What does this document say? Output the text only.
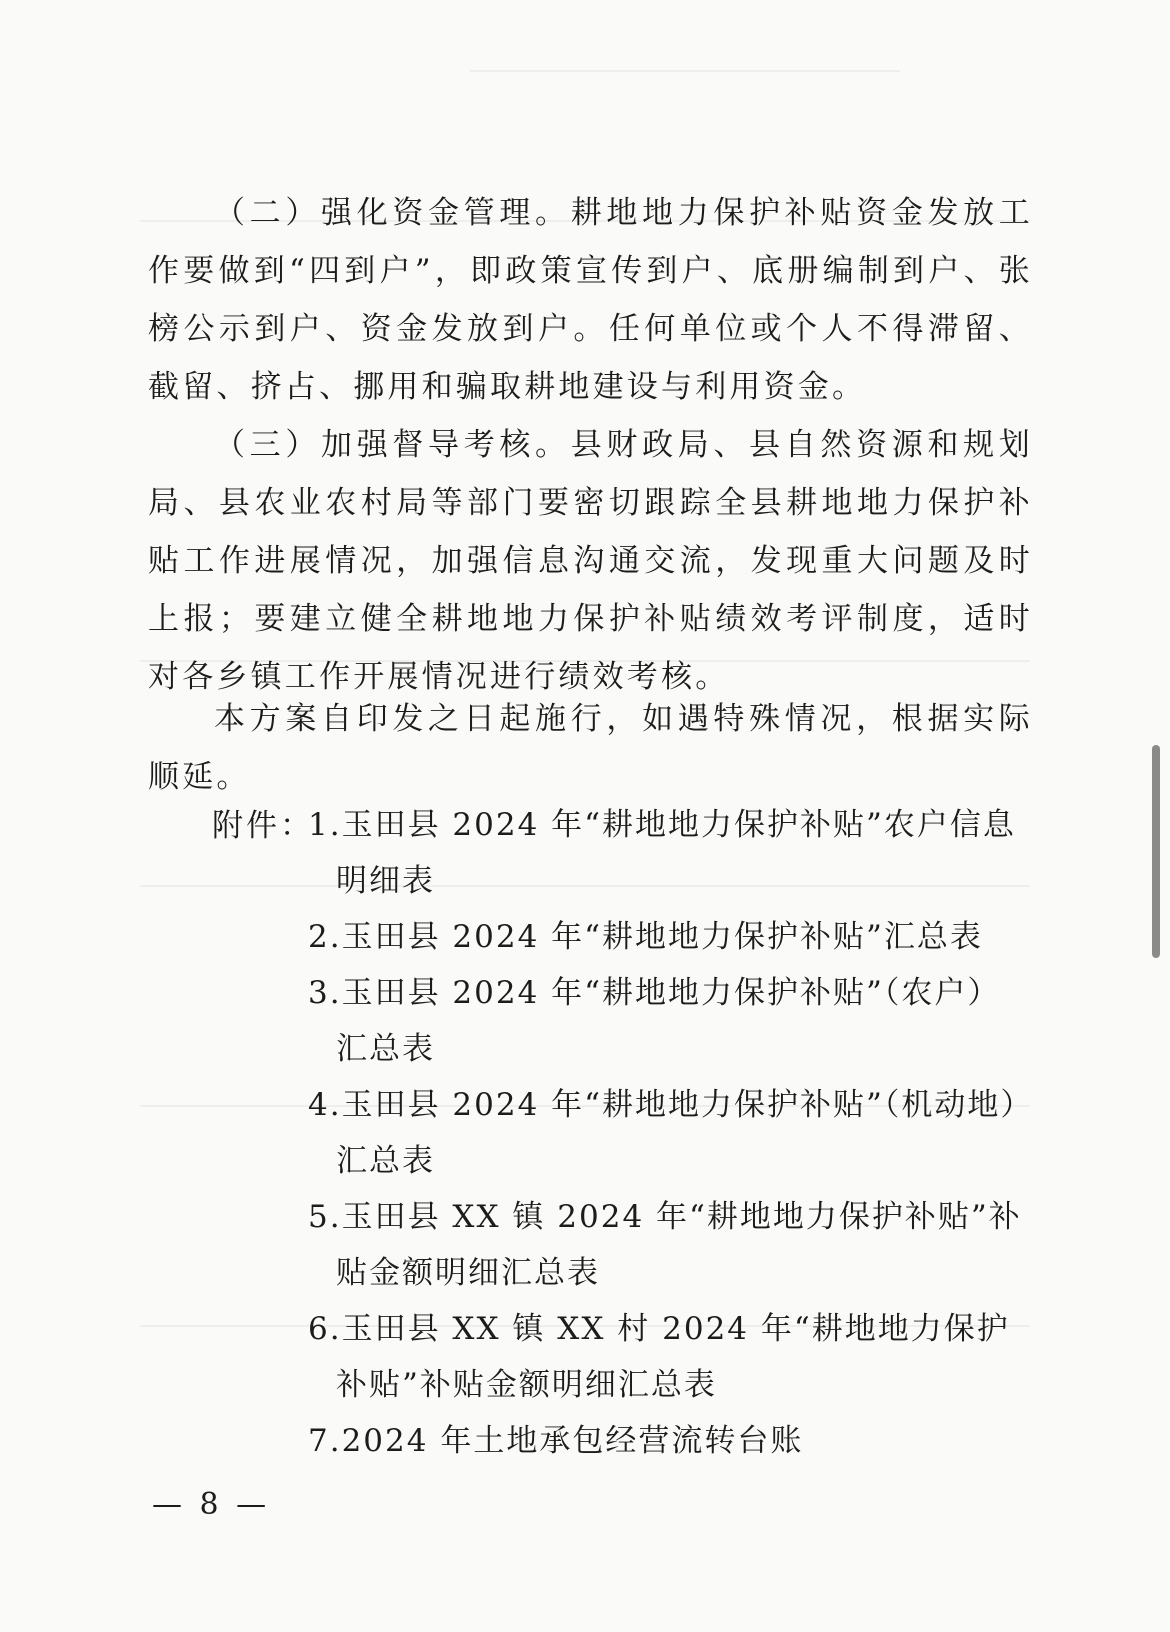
（二）强化资金管理。耕地地力保护补贴资金发放工作要做到“四到户”，即政策宣传到户、底册编制到户、张榜公示到户、资金发放到户。任何单位或个人不得滞留、截留、挤占、挪用和骗取耕地建设与利用资金。

（三）加强督导考核。县财政局、县自然资源和规划局、县农业农村局等部门要密切跟踪全县耕地地力保护补贴工作进展情况，加强信息沟通交流，发现重大问题及时上报；要建立健全耕地地力保护补贴绩效考评制度，适时对各乡镇工作开展情况进行绩效考核。

本方案自印发之日起施行，如遇特殊情况，根据实际顺延。

附件：
1.玉田县 2024 年“耕地地力保护补贴”农户信息明细表
2.玉田县 2024 年“耕地地力保护补贴”汇总表
3.玉田县 2024 年“耕地地力保护补贴”（农户）汇总表
4.玉田县 2024 年“耕地地力保护补贴”（机动地）汇总表
5.玉田县 XX 镇 2024 年“耕地地力保护补贴”补贴金额明细汇总表
6.玉田县 XX 镇 XX 村 2024 年“耕地地力保护补贴”补贴金额明细汇总表
7.2024 年土地承包经营流转台账
— 8 —
